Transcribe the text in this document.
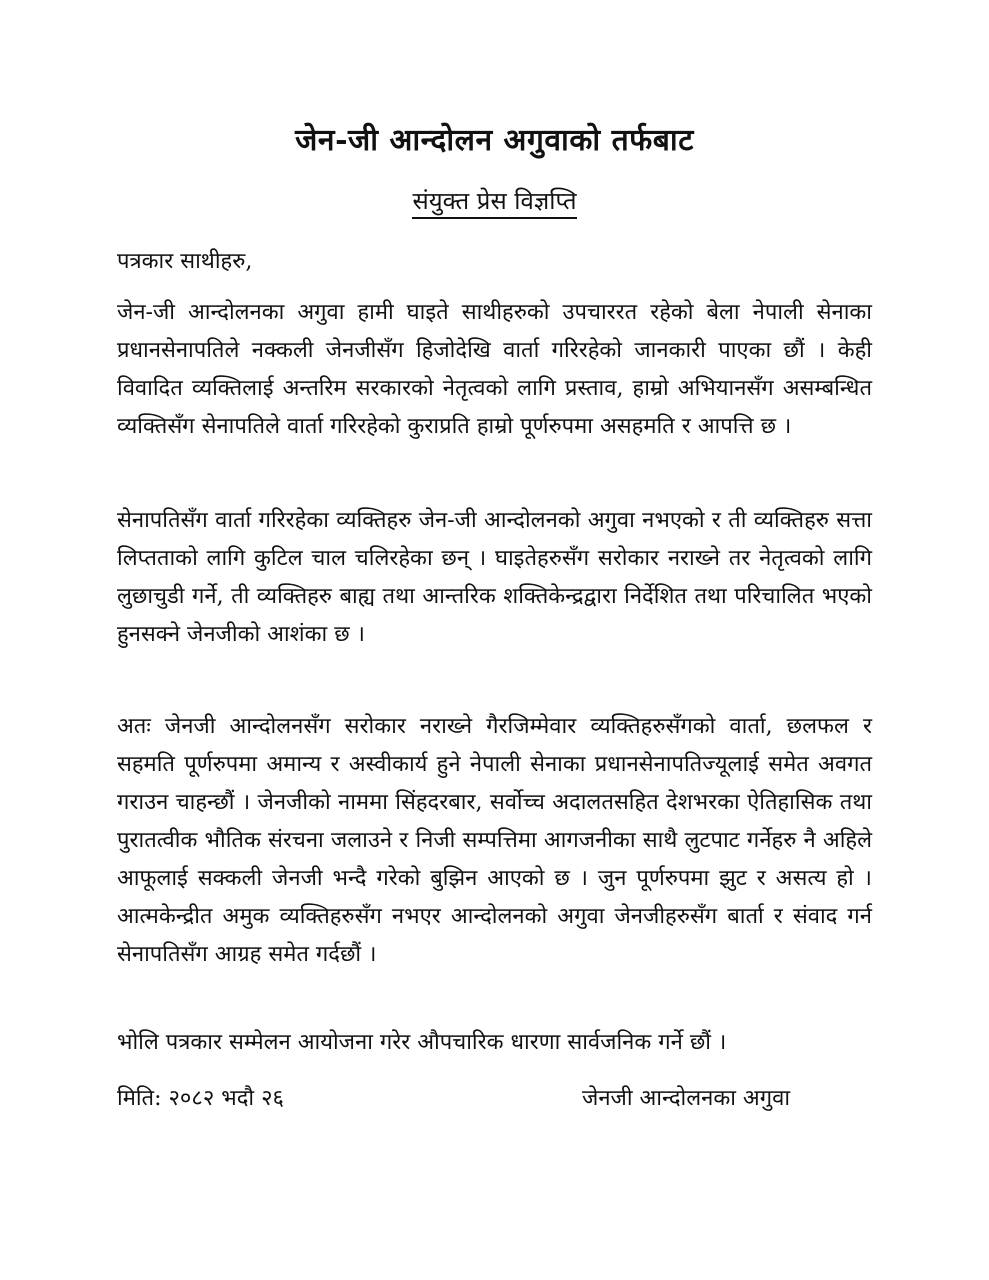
जेन-जी आन्दोलन अगुवाको तर्फबाट
संयुक्त प्रेस विज्ञप्ति
पत्रकार साथीहरु,

जेन-जी आन्दोलनका अगुवा हामी घाइते साथीहरुको उपचाररत रहेको बेला नेपाली सेनाका प्रधानसेनापतिले नक्कली जेनजीसँग हिजोदेखि वार्ता गरिरहेको जानकारी पाएका छौं । केही विवादित व्यक्तिलाई अन्तरिम सरकारको नेतृत्वको लागि प्रस्ताव, हाम्रो अभियानसँग असम्बन्धित व्यक्तिसँग सेनापतिले वार्ता गरिरहेको कुराप्रति हाम्रो पूर्णरुपमा असहमति र आपत्ति छ ।

सेनापतिसँग वार्ता गरिरहेका व्यक्तिहरु जेन-जी आन्दोलनको अगुवा नभएको र ती व्यक्तिहरु सत्ता लिप्तताको लागि कुटिल चाल चलिरहेका छन् । घाइतेहरुसँग सरोकार नराख्ने तर नेतृत्वको लागि लुछाचुडी गर्ने, ती व्यक्तिहरु बाह्य तथा आन्तरिक शक्तिकेन्द्रद्वारा निर्देशित तथा परिचालित भएको हुनसक्ने जेनजीको आशंका छ ।

अतः जेनजी आन्दोलनसँग सरोकार नराख्ने गैरजिम्मेवार व्यक्तिहरुसँगको वार्ता, छलफल र सहमति पूर्णरुपमा अमान्य र अस्वीकार्य हुने नेपाली सेनाका प्रधानसेनापतिज्यूलाई समेत अवगत गराउन चाहन्छौं । जेनजीको नाममा सिंहदरबार, सर्वोच्च अदालतसहित देशभरका ऐतिहासिक तथा पुरातत्वीक भौतिक संरचना जलाउने र निजी सम्पत्तिमा आगजनीका साथै लुटपाट गर्नेहरु नै अहिले आफूलाई सक्कली जेनजी भन्दै गरेको बुझिन आएको छ । जुन पूर्णरुपमा झुट र असत्य हो । आत्मकेन्द्रीत अमुक व्यक्तिहरुसँग नभएर आन्दोलनको अगुवा जेनजीहरुसँग बार्ता र संवाद गर्न सेनापतिसँग आग्रह समेत गर्दछौं ।

भोलि पत्रकार सम्मेलन आयोजना गरेर औपचारिक धारणा सार्वजनिक गर्ने छौं ।

मिति: २०८२ भदौ २६	जेनजी आन्दोलनका अगुवा
